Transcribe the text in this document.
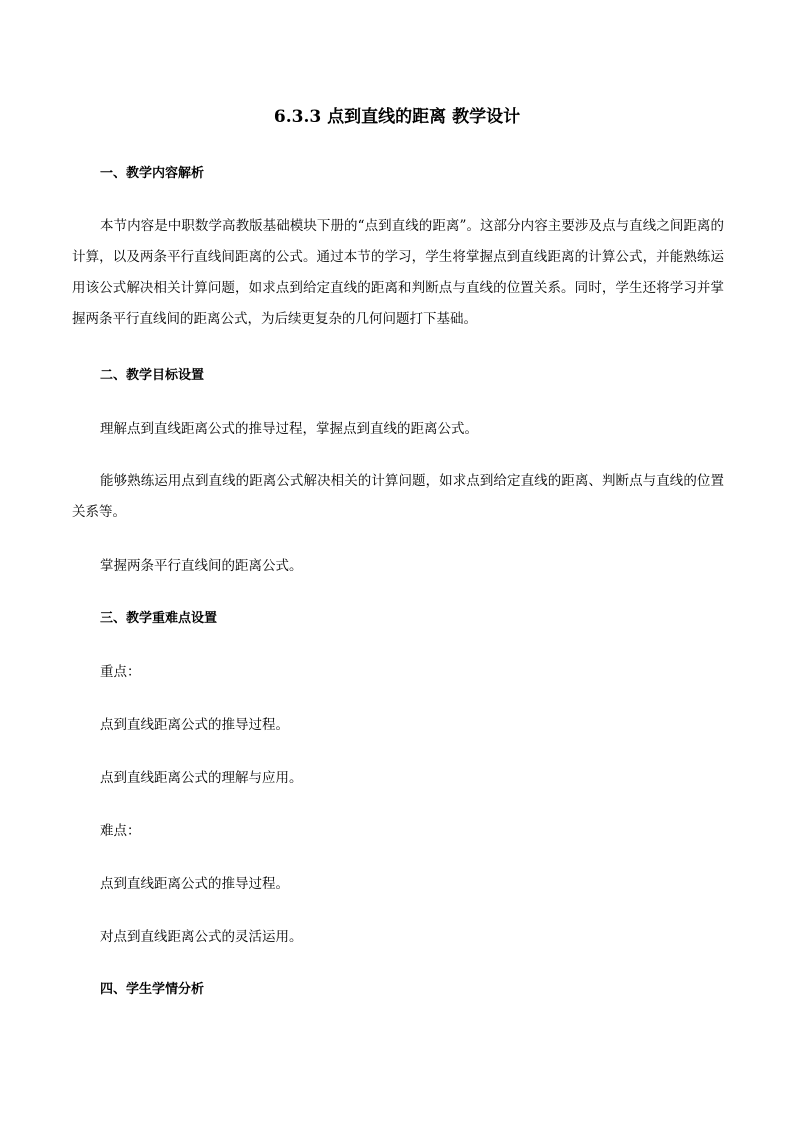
6.3.3 点到直线的距离 教学设计
一、教学内容解析
本节内容是中职数学高教版基础模块下册的“点到直线的距离”。这部分内容主要涉及点与直线之间距离的计算，以及两条平行直线间距离的公式。通过本节的学习，学生将掌握点到直线距离的计算公式，并能熟练运用该公式解决相关计算问题，如求点到给定直线的距离和判断点与直线的位置关系。同时，学生还将学习并掌握两条平行直线间的距离公式，为后续更复杂的几何问题打下基础。
二、教学目标设置
理解点到直线距离公式的推导过程，掌握点到直线的距离公式。
能够熟练运用点到直线的距离公式解决相关的计算问题，如求点到给定直线的距离、判断点与直线的位置关系等。
掌握两条平行直线间的距离公式。
三、教学重难点设置
重点：
点到直线距离公式的推导过程。
点到直线距离公式的理解与应用。
难点：
点到直线距离公式的推导过程。
对点到直线距离公式的灵活运用。
四、学生学情分析
